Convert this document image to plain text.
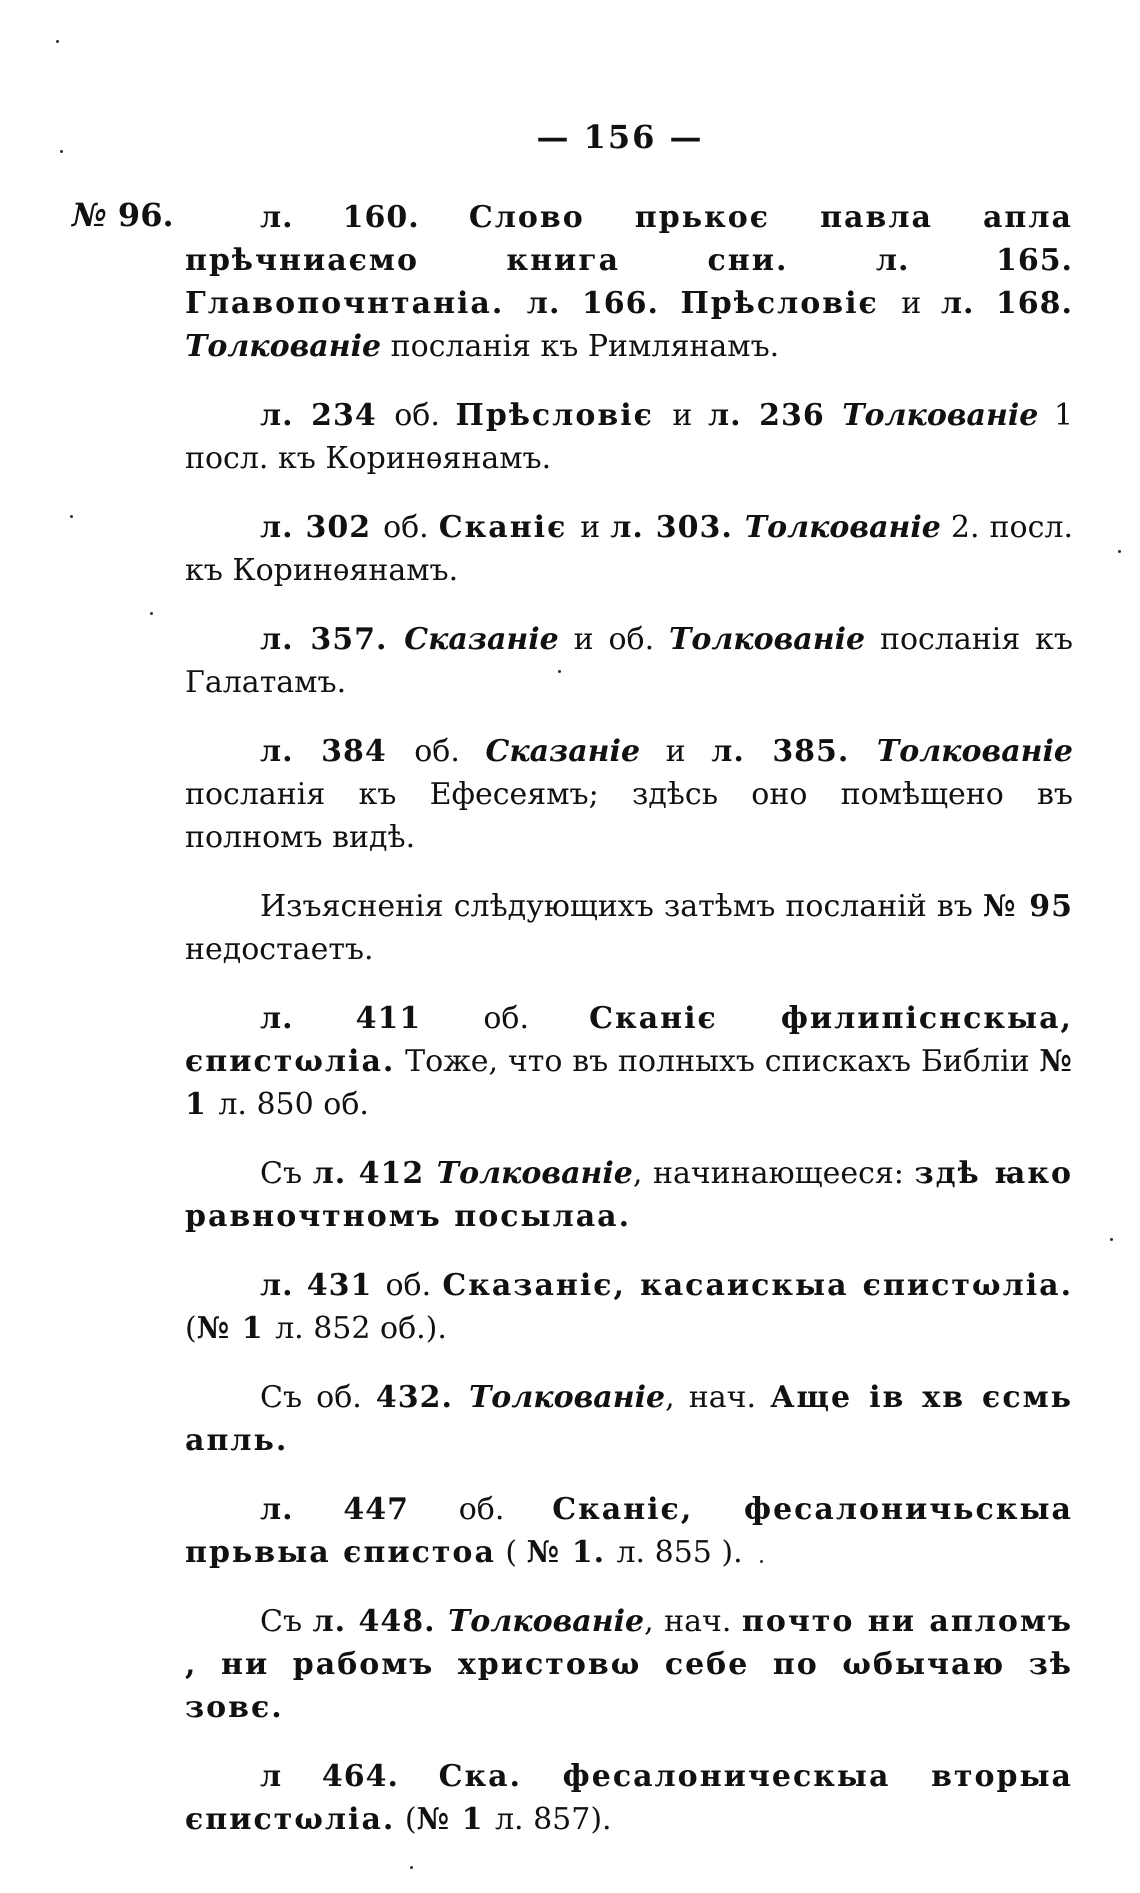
— 156 —
№ 96.	л. 160. Слово прькоє павла апла прѣчниаємо книга сни. л. 165. Главопочнтаніа. л. 166. Прѣсловіє и л. 168. Толкованіе посланія къ Римлянамъ.

л. 234 об. Прѣсловіє и л. 236 Толкованіе 1 посл. къ Коринѳянамъ.

л. 302 об. Сканіє и л. 303. Толкованіе 2. посл. къ Коринѳянамъ.

л. 357. Сказаніе и об. Толкованіе посланія къ Галатамъ.

л. 384 об. Сказаніе и л. 385. Толкованіе посланія къ Ефесеямъ; здѣсь оно помѣщено въ полномъ видѣ.

Изъясненія слѣдующихъ затѣмъ посланій въ № 95 недостаетъ.

л. 411 об. Сканіє филипіснскыа, єпистωліа. Тоже, что въ полныхъ спискахъ Библіи № 1 л. 850 об.

Съ л. 412 Толкованіе, начинающееся: здѣ ꙗко равночтномъ посылаа.

л. 431 об. Сказаніє, касаискыа єпистωліа. (№ 1 л. 852 об.).

Съ об. 432. Толкованіе, нач. Аще ів хв єсмь апль.

л. 447 об. Сканіє, фесалоничьскыа прьвыа єпистоа ( № 1. л. 855 ).

Съ л. 448. Толкованіе, нач. почто ни апломъ , ни рабомъ христовω себе по ωбычаю зѣ зовє.

л 464. Ска. фесалоническыа вторыа єпистωліа. (№ 1 л. 857).
